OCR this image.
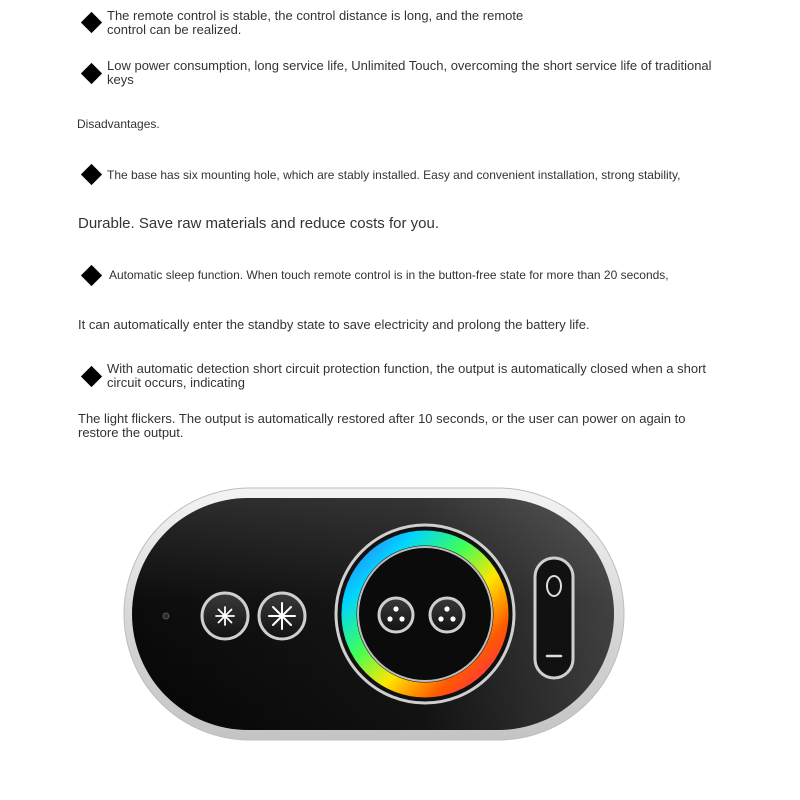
The remote control is stable, the control distance is long, and the remote control can be realized.

Low power consumption, long service life, Unlimited Touch, overcoming the short service life of traditional keys

Disadvantages.

The base has six mounting hole, which are stably installed. Easy and convenient installation, strong stability,

Durable. Save raw materials and reduce costs for you.

Automatic sleep function. When touch remote control is in the button-free state for more than 20 seconds,

It can automatically enter the standby state to save electricity and prolong the battery life.

With automatic detection short circuit protection function, the output is automatically closed when a short circuit occurs, indicating

The light flickers. The output is automatically restored after 10 seconds, or the user can power on again to restore the output.
